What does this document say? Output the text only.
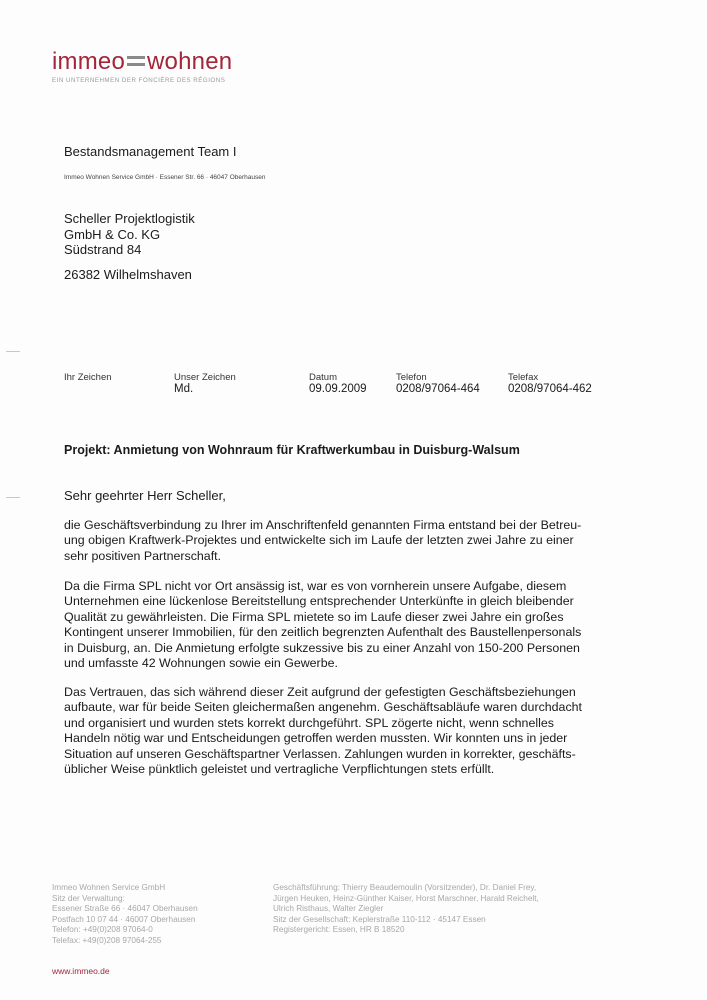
immeo wohnen
EIN UNTERNEHMEN DER FONCIÈRE DES RÉGIONS
Bestandsmanagement Team I
Immeo Wohnen Service GmbH · Essener Str. 66 · 46047 Oberhausen
Scheller Projektlogistik
GmbH & Co. KG
Südstrand 84
26382 Wilhelmshaven
Ihr Zeichen	Unser Zeichen
Md.
Datum
09.09.2009
Telefon
0208/97064-464
Telefax
0208/97064-462
Projekt: Anmietung von Wohnraum für Kraftwerkumbau in Duisburg-Walsum
Sehr geehrter Herr Scheller,
die Geschäftsverbindung zu Ihrer im Anschriftenfeld genannten Firma entstand bei der Betreu-
ung obigen Kraftwerk-Projektes und entwickelte sich im Laufe der letzten zwei Jahre zu einer
sehr positiven Partnerschaft.
Da die Firma SPL nicht vor Ort ansässig ist, war es von vornherein unsere Aufgabe, diesem
Unternehmen eine lückenlose Bereitstellung entsprechender Unterkünfte in gleich bleibender
Qualität zu gewährleisten. Die Firma SPL mietete so im Laufe dieser zwei Jahre ein großes
Kontingent unserer Immobilien, für den zeitlich begrenzten Aufenthalt des Baustellenpersonals
in Duisburg, an. Die Anmietung erfolgte sukzessive bis zu einer Anzahl von 150-200 Personen
und umfasste 42 Wohnungen sowie ein Gewerbe.
Das Vertrauen, das sich während dieser Zeit aufgrund der gefestigten Geschäftsbeziehungen
aufbaute, war für beide Seiten gleichermaßen angenehm. Geschäftsabläufe waren durchdacht
und organisiert und wurden stets korrekt durchgeführt. SPL zögerte nicht, wenn schnelles
Handeln nötig war und Entscheidungen getroffen werden mussten. Wir konnten uns in jeder
Situation auf unseren Geschäftspartner Verlassen. Zahlungen wurden in korrekter, geschäfts-
üblicher Weise pünktlich geleistet und vertragliche Verpflichtungen stets erfüllt.
Immeo Wohnen Service GmbH
Sitz der Verwaltung:
Essener Straße 66 · 46047 Oberhausen
Postfach 10 07 44 · 46007 Oberhausen
Telefon: +49(0)208 97064-0
Telefax: +49(0)208 97064-255
Geschäftsführung: Thierry Beaudemoulin (Vorsitzender), Dr. Daniel Frey,
Jürgen Heuken, Heinz-Günther Kaiser, Horst Marschner, Harald Reichelt,
Ulrich Risthaus, Walter Ziegler
Sitz der Gesellschaft: Keplerstraße 110-112 · 45147 Essen
Registergericht: Essen, HR B 18520
www.immeo.de
